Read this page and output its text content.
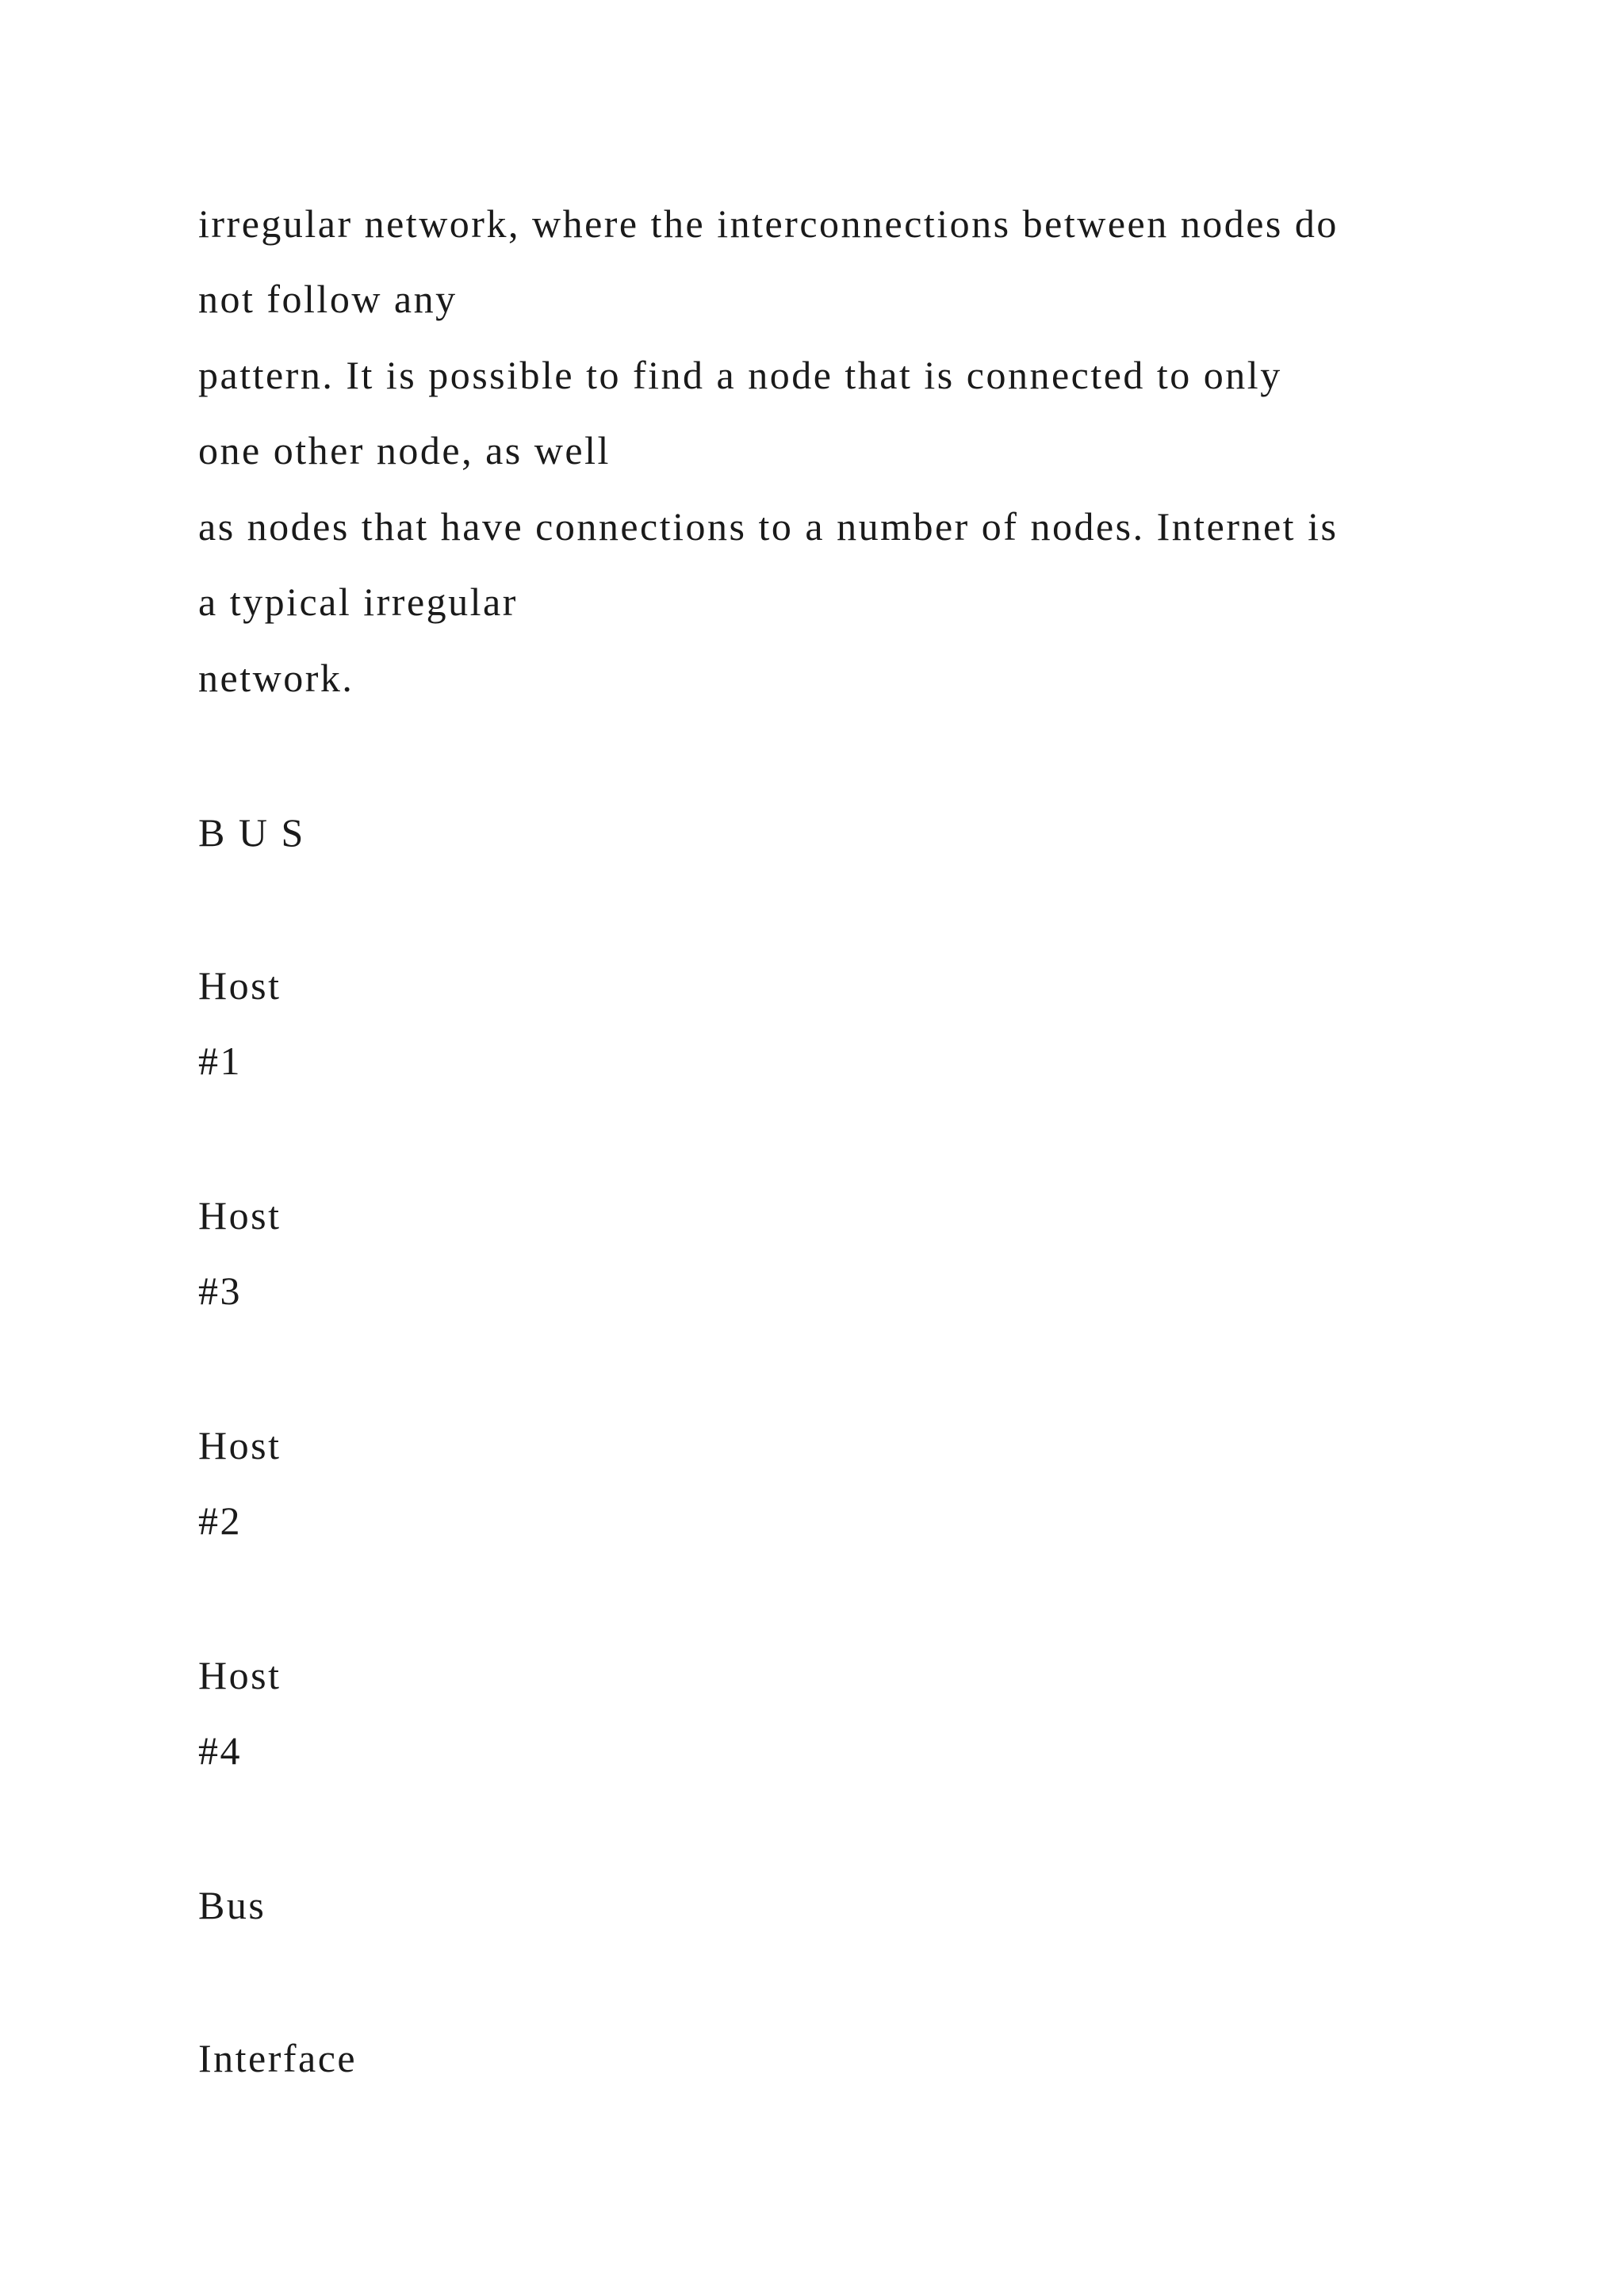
irregular network, where the interconnections between nodes do
not follow any
pattern. It is possible to find a node that is connected to only
one other node, as well
as nodes that have connections to a number of nodes. Internet is
a typical irregular
network.
B U S
Host
#1
Host
#3
Host
#2
Host
#4
Bus
Interface
